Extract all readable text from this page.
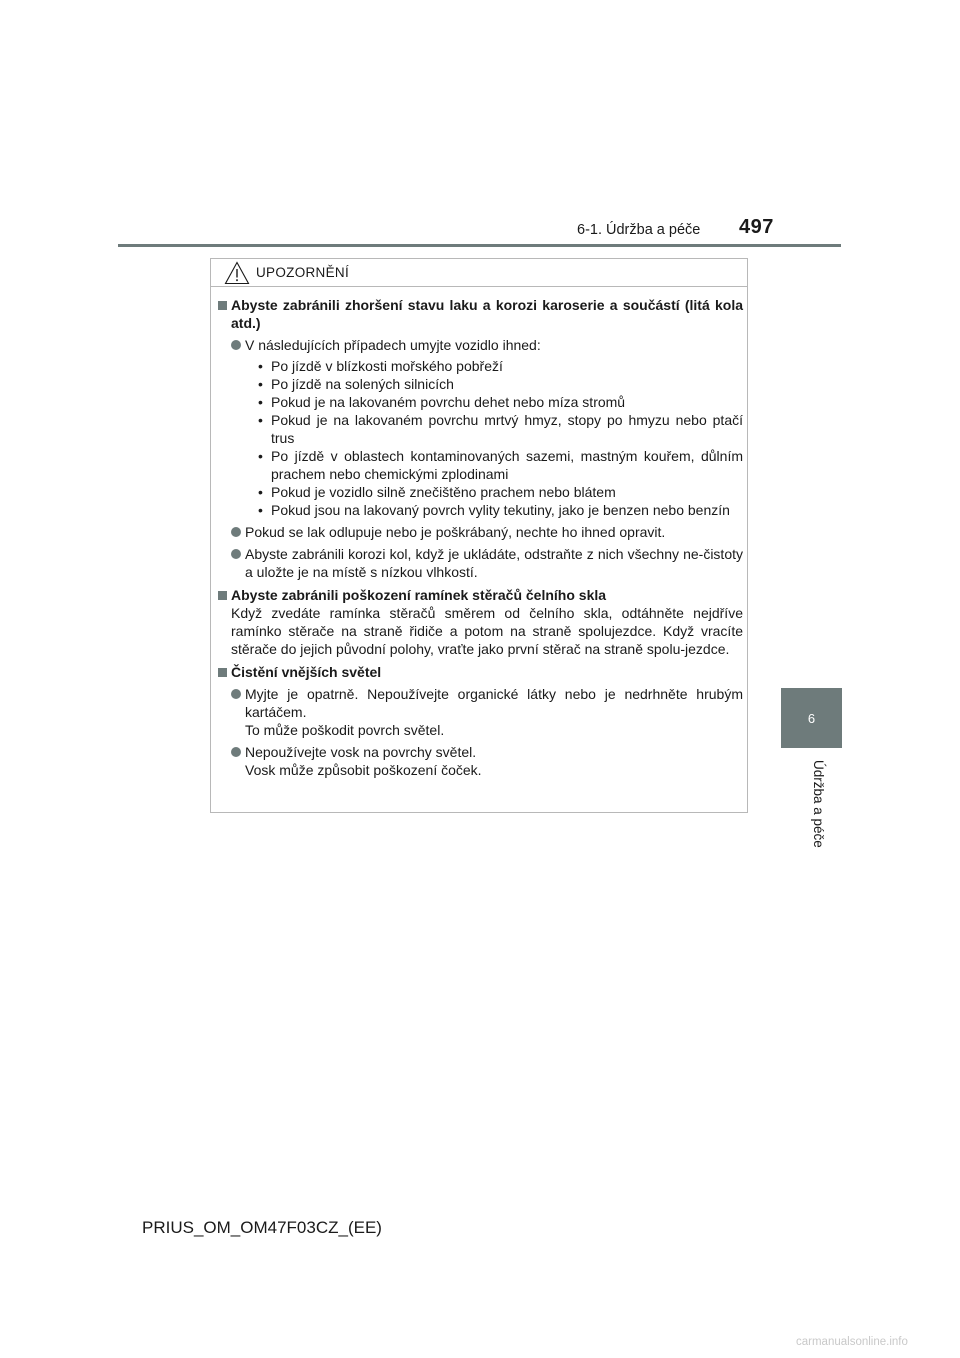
6-1. Údržba a péče 497
6
Údržba a péče
UPOZORNĚNÍ
Abyste zabránili zhoršení stavu laku a korozi karoserie a součástí (litá kola atd.)
V následujících případech umyjte vozidlo ihned:
• Po jízdě v blízkosti mořského pobřeží
• Po jízdě na solených silnicích
• Pokud je na lakovaném povrchu dehet nebo míza stromů
• Pokud je na lakovaném povrchu mrtvý hmyz, stopy po hmyzu nebo ptačí trus
• Po jízdě v oblastech kontaminovaných sazemi, mastným kouřem, důlním prachem nebo chemickými zplodinami
• Pokud je vozidlo silně znečištěno prachem nebo blátem
• Pokud jsou na lakovaný povrch vylity tekutiny, jako je benzen nebo benzín
Pokud se lak odlupuje nebo je poškrábaný, nechte ho ihned opravit.
Abyste zabránili korozi kol, když je ukládáte, odstraňte z nich všechny ne-čistoty a uložte je na místě s nízkou vlhkostí.
Abyste zabránili poškození ramínek stěračů čelního skla
Když zvedáte ramínka stěračů směrem od čelního skla, odtáhněte nejdříve ramínko stěrače na straně řidiče a potom na straně spolujezdce. Když vracíte stěrače do jejich původní polohy, vraťte jako první stěrač na straně spolu-jezdce.
Čistění vnějších světel
Myjte je opatrně. Nepoužívejte organické látky nebo je nedrhněte hrubým kartáčem.
To může poškodit povrch světel.
Nepoužívejte vosk na povrchy světel.
Vosk může způsobit poškození čoček.
PRIUS_OM_OM47F03CZ_(EE)
carmanualsonline.info
